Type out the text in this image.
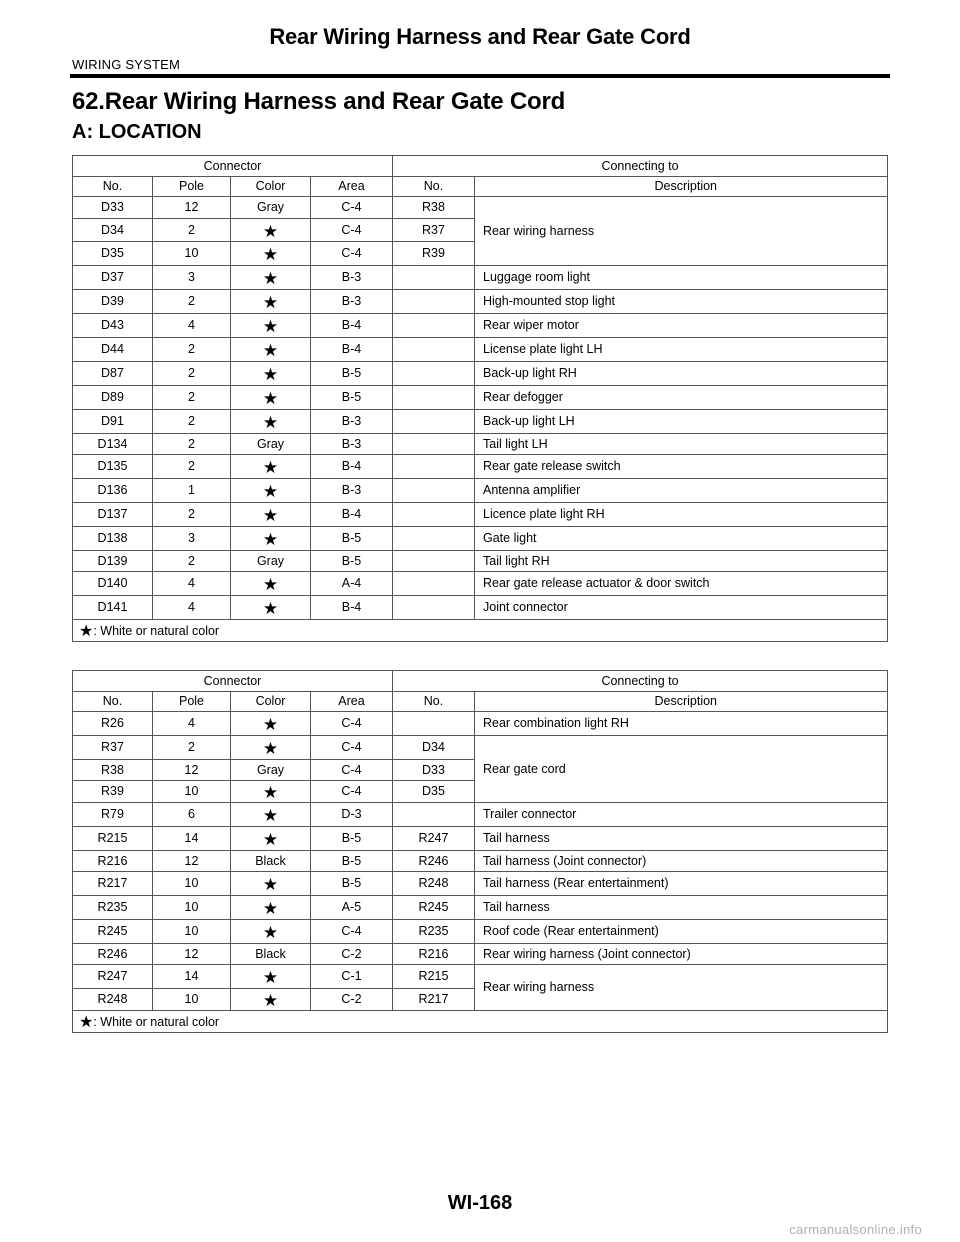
Rear Wiring Harness and Rear Gate Cord
WIRING SYSTEM
62.Rear Wiring Harness and Rear Gate Cord
A: LOCATION
Connector				Connecting to	
No.	Pole	Color	Area	No.	Description
D33	12	Gray	C-4	R38	Rear wiring harness
D34	2	★	C-4	R37	
D35	10	★	C-4	R39	
D37	3	★	B-3		Luggage room light
D39	2	★	B-3		High-mounted stop light
D43	4	★	B-4		Rear wiper motor
D44	2	★	B-4		License plate light LH
D87	2	★	B-5		Back-up light RH
D89	2	★	B-5		Rear defogger
D91	2	★	B-3		Back-up light LH
D134	2	Gray	B-3		Tail light LH
D135	2	★	B-4		Rear gate release switch
D136	1	★	B-3		Antenna amplifier
D137	2	★	B-4		Licence plate light RH
D138	3	★	B-5		Gate light
D139	2	Gray	B-5		Tail light RH
D140	4	★	A-4		Rear gate release actuator & door switch
D141	4	★	B-4		Joint connector
★: White or natural color					
Connector				Connecting to	
No.	Pole	Color	Area	No.	Description
R26	4	★	C-4		Rear combination light RH
R37	2	★	C-4	D34	Rear gate cord
R38	12	Gray	C-4	D33	
R39	10	★	C-4	D35	
R79	6	★	D-3		Trailer connector
R215	14	★	B-5	R247	Tail harness
R216	12	Black	B-5	R246	Tail harness (Joint connector)
R217	10	★	B-5	R248	Tail harness (Rear entertainment)
R235	10	★	A-5	R245	Tail harness
R245	10	★	C-4	R235	Roof code (Rear entertainment)
R246	12	Black	C-2	R216	Rear wiring harness (Joint connector)
R247	14	★	C-1	R215	Rear wiring harness
R248	10	★	C-2	R217	
★: White or natural color					
WI-168
carmanualsonline.info
